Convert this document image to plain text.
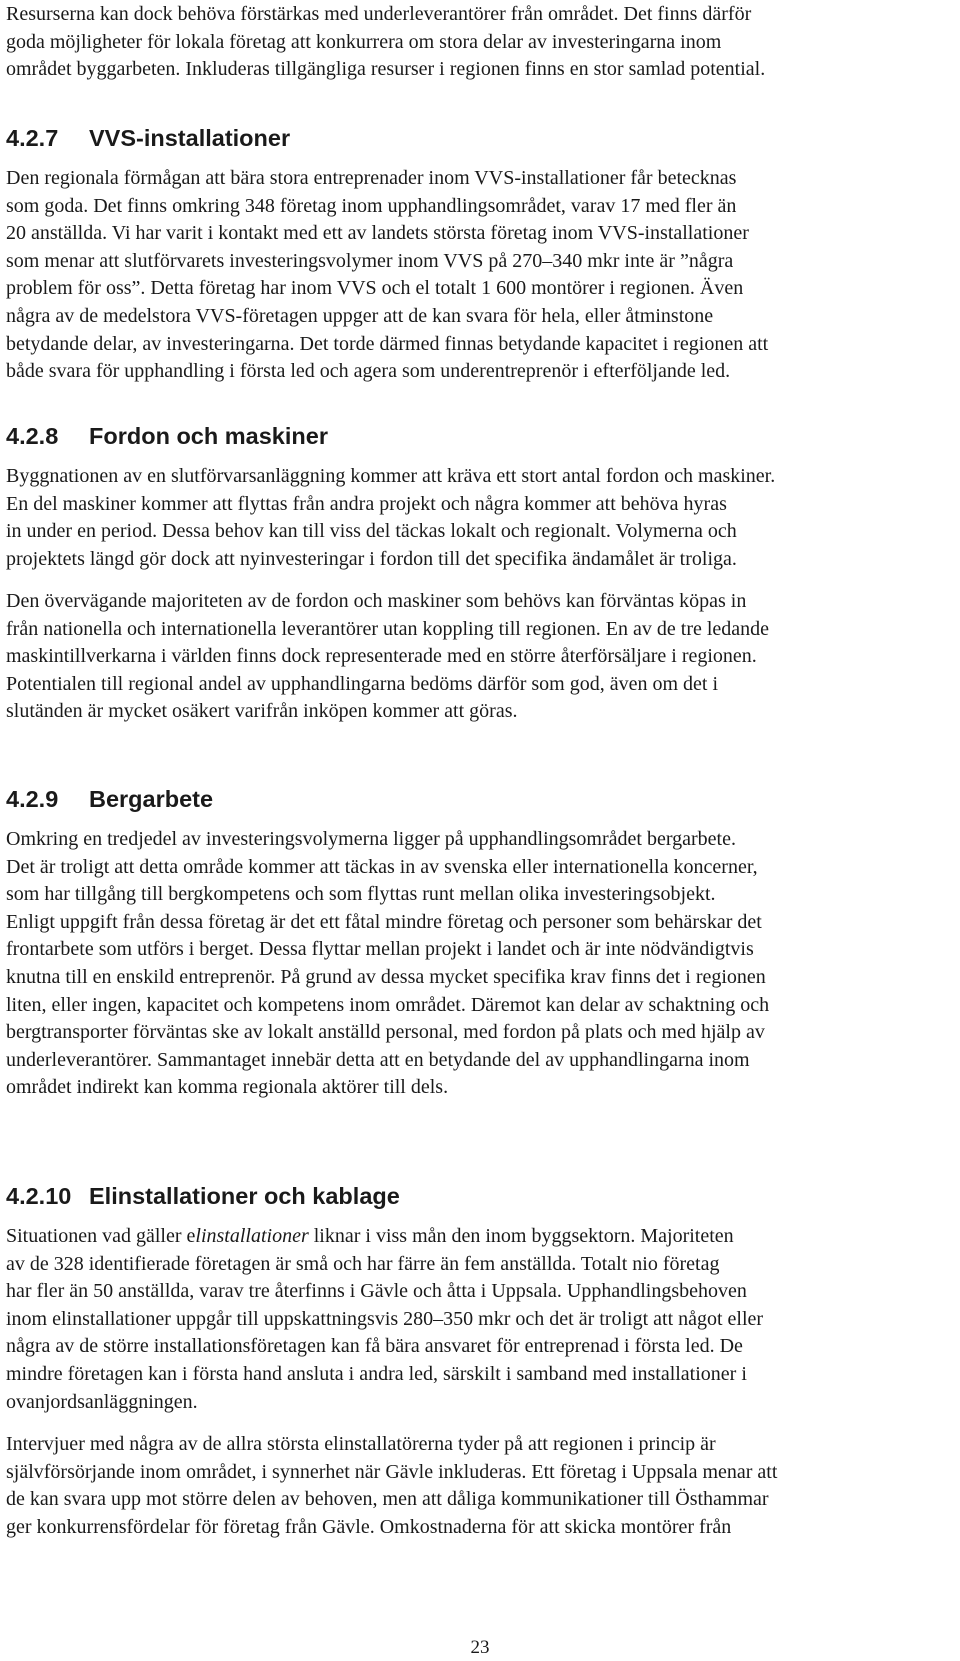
Resurserna kan dock behöva förstärkas med underleverantörer från området. Det finns därför
goda möjligheter för lokala företag att konkurrera om stora delar av investeringarna inom
området byggarbeten. Inkluderas tillgängliga resurser i regionen finns en stor samlad potential.

4.2.7 VVS-installationer

Den regionala förmågan att bära stora entreprenader inom VVS-installationer får betecknas
som goda. Det finns omkring 348 företag inom upphandlingsområdet, varav 17 med fler än
20 anställda. Vi har varit i kontakt med ett av landets största företag inom VVS-installationer
som menar att slutförvarets investeringsvolymer inom VVS på 270–340 mkr inte är ”några
problem för oss”. Detta företag har inom VVS och el totalt 1 600 montörer i regionen. Även
några av de medelstora VVS-företagen uppger att de kan svara för hela, eller åtminstone
betydande delar, av investeringarna. Det torde därmed finnas betydande kapacitet i regionen att
både svara för upphandling i första led och agera som underentreprenör i efterföljande led.

4.2.8 Fordon och maskiner

Byggnationen av en slutförvarsanläggning kommer att kräva ett stort antal fordon och maskiner.
En del maskiner kommer att flyttas från andra projekt och några kommer att behöva hyras
in under en period. Dessa behov kan till viss del täckas lokalt och regionalt. Volymerna och
projektets längd gör dock att nyinvesteringar i fordon till det specifika ändamålet är troliga.

Den övervägande majoriteten av de fordon och maskiner som behövs kan förväntas köpas in
från nationella och internationella leverantörer utan koppling till regionen. En av de tre ledande
maskintillverkarna i världen finns dock representerade med en större återförsäljare i regionen.
Potentialen till regional andel av upphandlingarna bedöms därför som god, även om det i
slutänden är mycket osäkert varifrån inköpen kommer att göras.

4.2.9 Bergarbete

Omkring en tredjedel av investeringsvolymerna ligger på upphandlingsområdet bergarbete.
Det är troligt att detta område kommer att täckas in av svenska eller internationella koncerner,
som har tillgång till bergkompetens och som flyttas runt mellan olika investeringsobjekt.
Enligt uppgift från dessa företag är det ett fåtal mindre företag och personer som behärskar det
frontarbete som utförs i berget. Dessa flyttar mellan projekt i landet och är inte nödvändigtvis
knutna till en enskild entreprenör. På grund av dessa mycket specifika krav finns det i regionen
liten, eller ingen, kapacitet och kompetens inom området. Däremot kan delar av schaktning och
bergtransporter förväntas ske av lokalt anställd personal, med fordon på plats och med hjälp av
underleverantörer. Sammantaget innebär detta att en betydande del av upphandlingarna inom
området indirekt kan komma regionala aktörer till dels.

4.2.10 Elinstallationer och kablage

Situationen vad gäller elinstallationer liknar i viss mån den inom byggsektorn. Majoriteten
av de 328 identifierade företagen är små och har färre än fem anställda. Totalt nio företag
har fler än 50 anställda, varav tre återfinns i Gävle och åtta i Uppsala. Upphandlingsbehoven
inom elinstallationer uppgår till uppskattningsvis 280–350 mkr och det är troligt att något eller
några av de större installationsföretagen kan få bära ansvaret för entreprenad i första led. De
mindre företagen kan i första hand ansluta i andra led, särskilt i samband med installationer i
ovanjordsanläggningen.

Intervjuer med några av de allra största elinstallatörerna tyder på att regionen i princip är
självförsörjande inom området, i synnerhet när Gävle inkluderas. Ett företag i Uppsala menar att
de kan svara upp mot större delen av behoven, men att dåliga kommunikationer till Östhammar
ger konkurrensfördelar för företag från Gävle. Omkostnaderna för att skicka montörer från

23
